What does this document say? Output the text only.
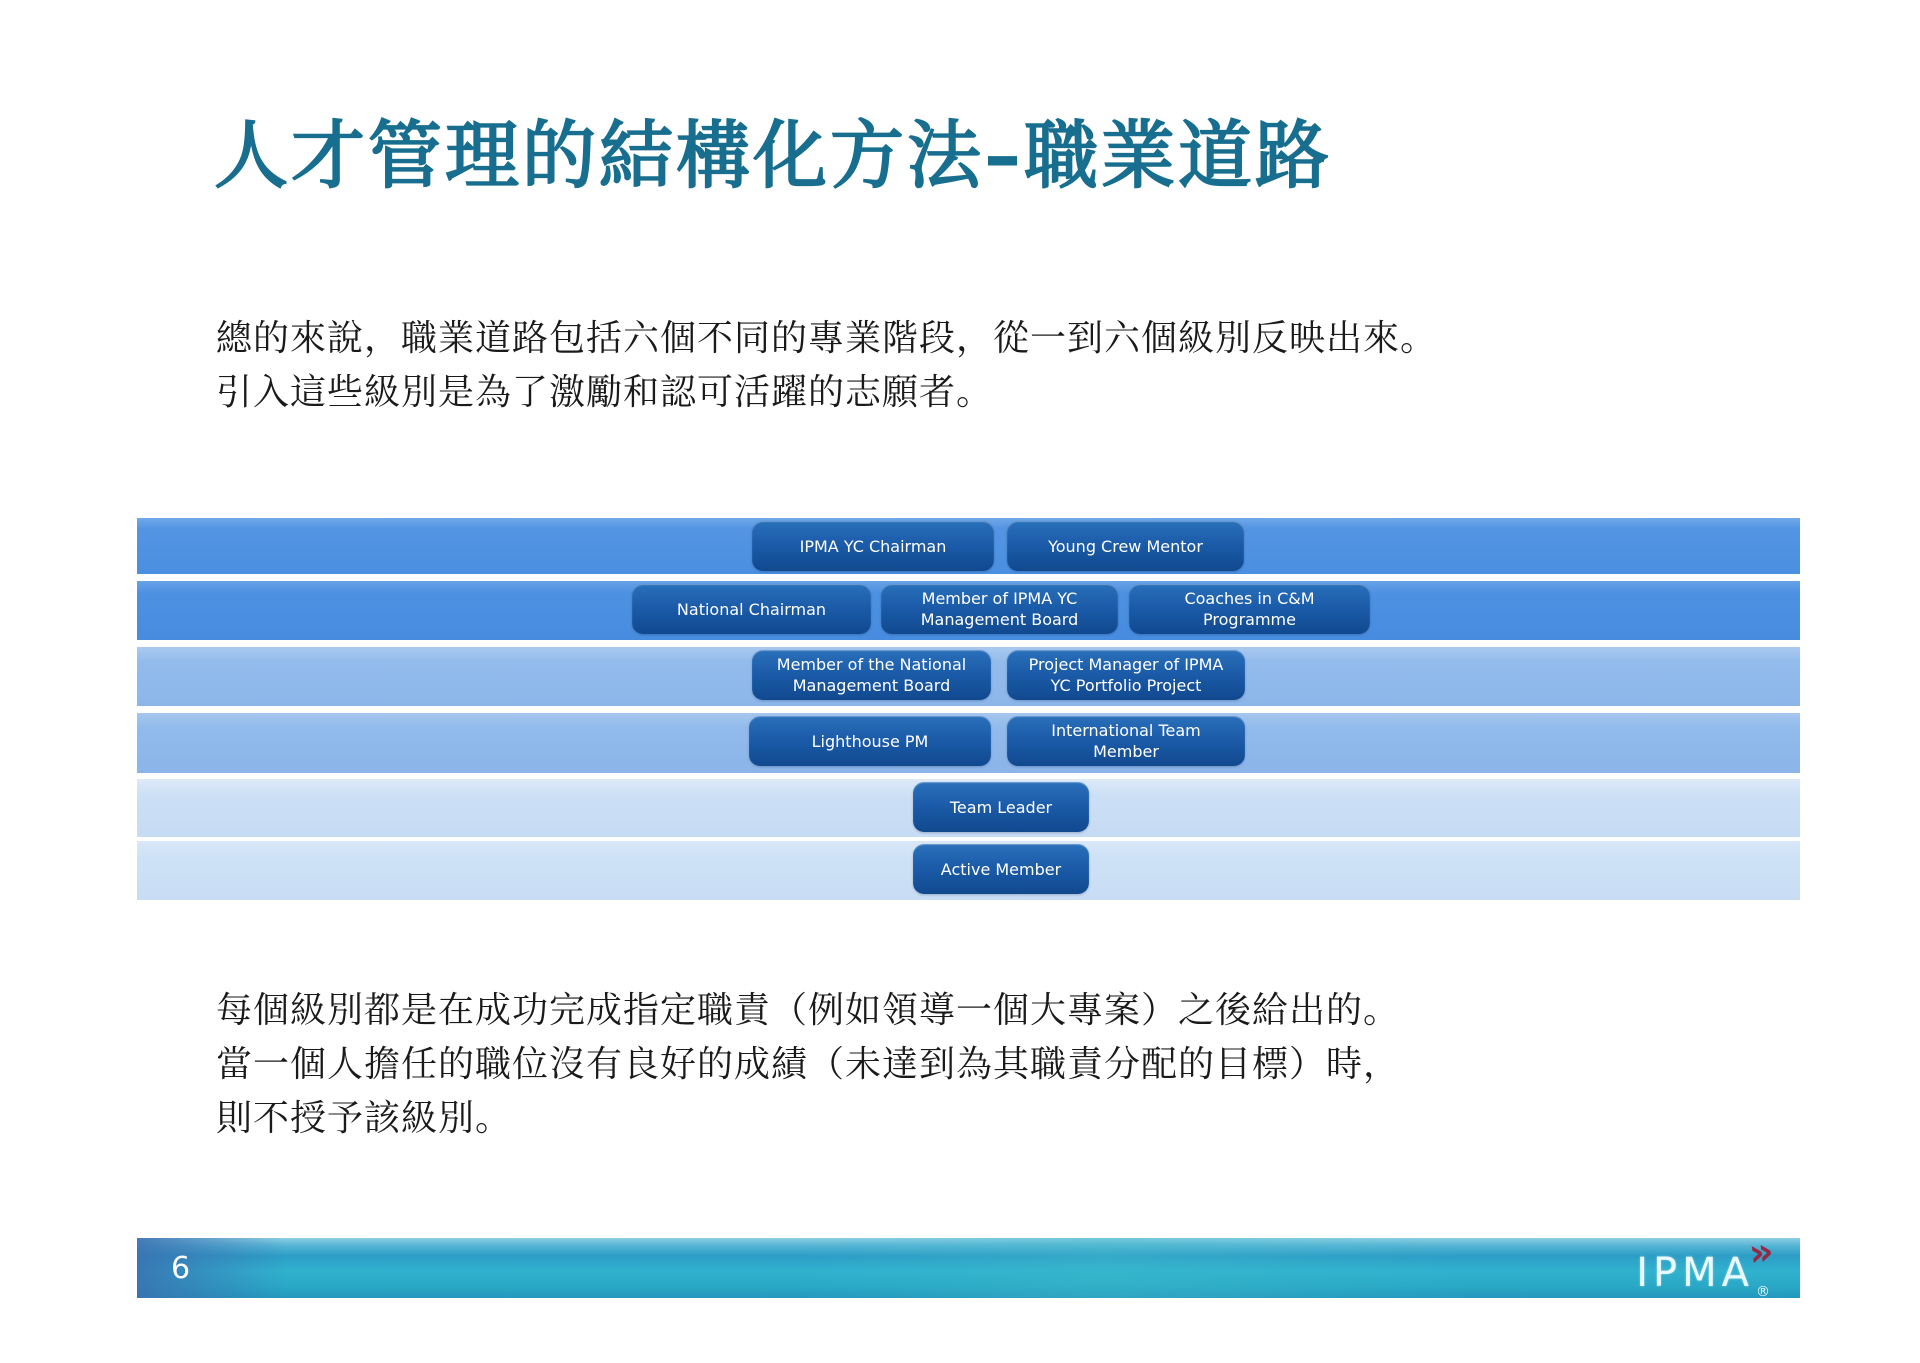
人才管理的結構化方法–職業道路
總的來說，職業道路包括六個不同的專業階段，從一到六個級別反映出來。
引入這些級別是為了激勵和認可活躍的志願者。
IPMA YC Chairman	Young Crew Mentor
National Chairman
Member of IPMA YC Management Board
Coaches in C&M Programme
Member of the National Management Board
Project Manager of IPMA YC Portfolio Project
Lighthouse PM
International Team Member
Team Leader
Active Member
每個級別都是在成功完成指定職責（例如領導一個大專案）之後給出的。
當一個人擔任的職位沒有良好的成績（未達到為其職責分配的目標）時，
則不授予該級別。
6	IPMA
»
®
